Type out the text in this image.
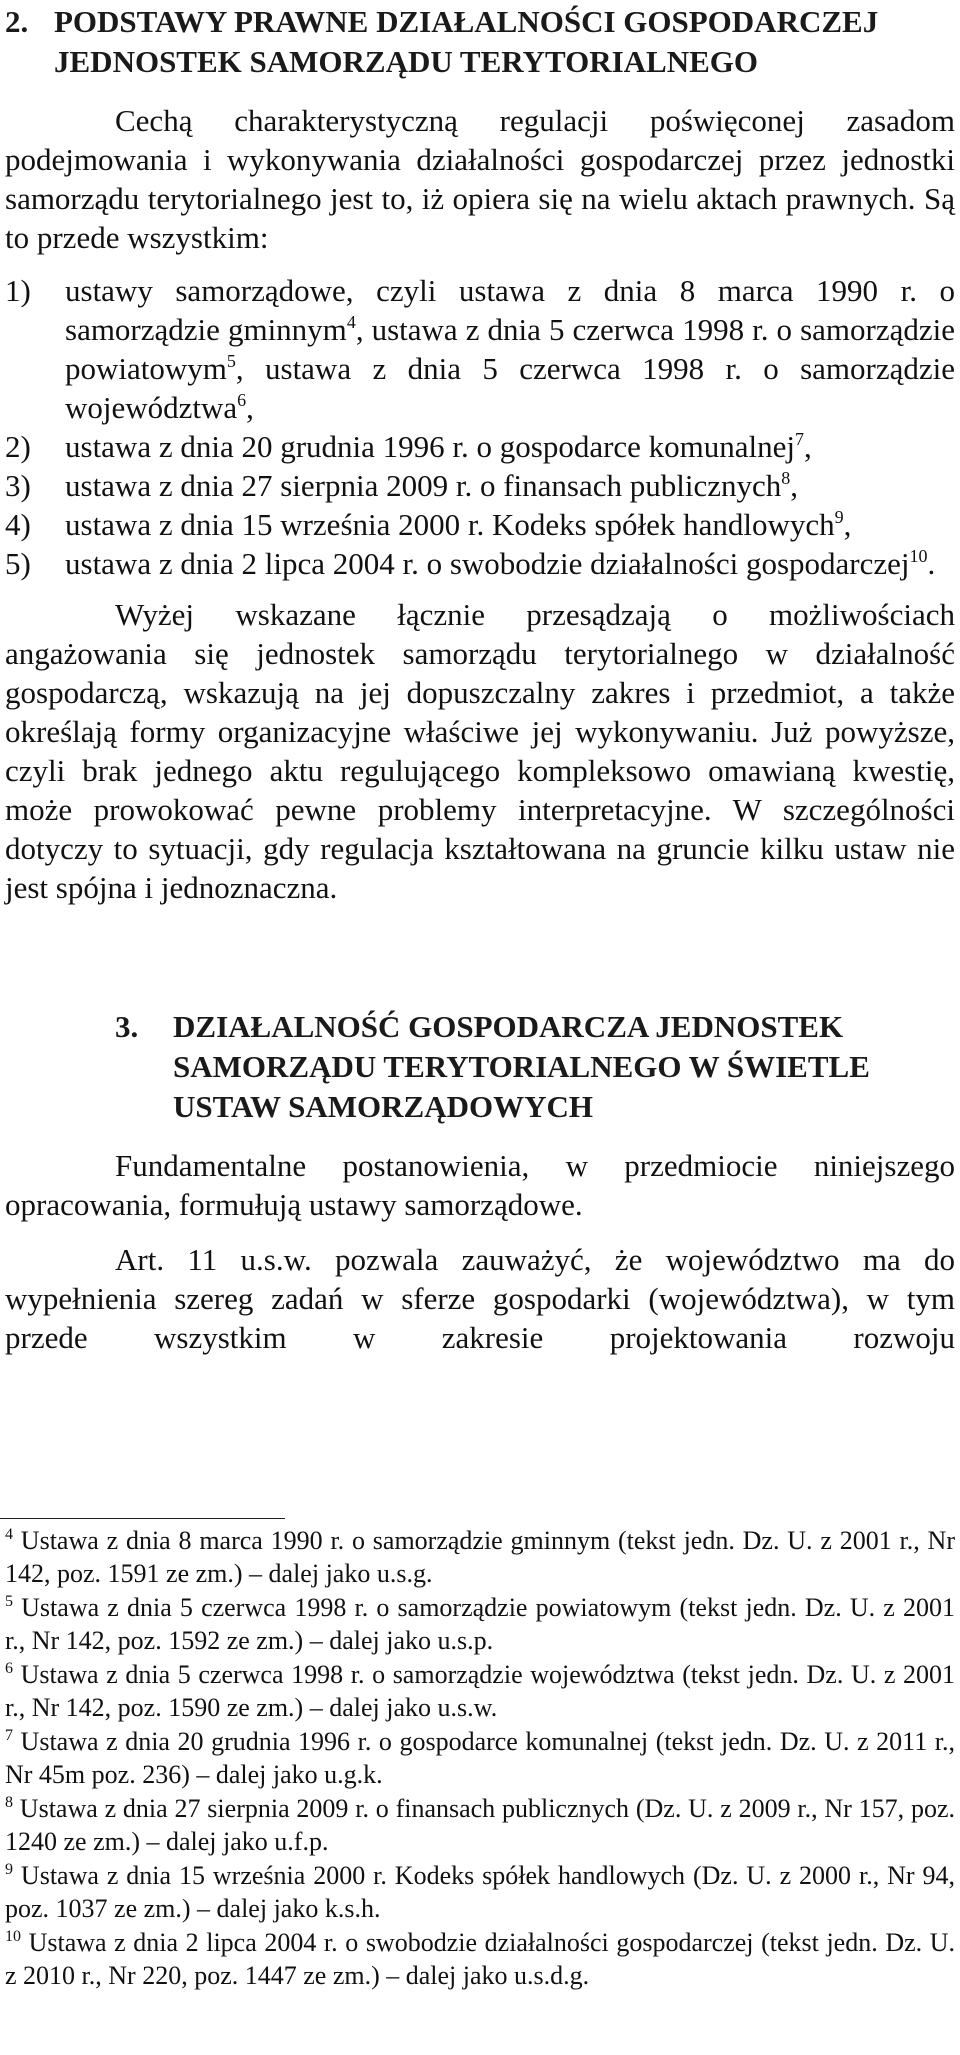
2. PODSTAWY PRAWNE DZIAŁALNOŚCI GOSPODARCZEJ JEDNOSTEK SAMORZĄDU TERYTORIALNEGO

Cechą charakterystyczną regulacji poświęconej zasadom podejmowania i wykonywania działalności gospodarczej przez jednostki samorządu terytorialnego jest to, iż opiera się na wielu aktach prawnych. Są to przede wszystkim:

1) ustawy samorządowe, czyli ustawa z dnia 8 marca 1990 r. o samorządzie gminnym$^4$, ustawa z dnia 5 czerwca 1998 r. o samorządzie powiatowym$^5$, ustawa z dnia 5 czerwca 1998 r. o samorządzie województwa$^6$,
2) ustawa z dnia 20 grudnia 1996 r. o gospodarce komunalnej$^7$,
3) ustawa z dnia 27 sierpnia 2009 r. o finansach publicznych$^8$,
4) ustawa z dnia 15 września 2000 r. Kodeks spółek handlowych$^9$,
5) ustawa z dnia 2 lipca 2004 r. o swobodzie działalności gospodarczej$^{10}$.

Wyżej wskazane łącznie przesądzają o możliwościach angażowania się jednostek samorządu terytorialnego w działalność gospodarczą, wskazują na jej dopuszczalny zakres i przedmiot, a także określają formy organizacyjne właściwe jej wykonywaniu. Już powyższe, czyli brak jednego aktu regulującego kompleksowo omawianą kwestię, może prowokować pewne problemy interpretacyjne. W szczególności dotyczy to sytuacji, gdy regulacja kształtowana na gruncie kilku ustaw nie jest spójna i jednoznaczna.

3.	DZIAŁALNOŚĆ GOSPODARCZA JEDNOSTEK SAMORZĄDU TERYTORIALNEGO W ŚWIETLE USTAW SAMORZĄDOWYCH

Fundamentalne postanowienia, w przedmiocie niniejszego opracowania, formułują ustawy samorządowe.

Art. 11 u.s.w. pozwala zauważyć, że województwo ma do wypełnienia szereg zadań w sferze gospodarki (województwa), w tym przede wszystkim w zakresie projektowania rozwoju

$^4$ Ustawa z dnia 8 marca 1990 r. o samorządzie gminnym (tekst jedn. Dz. U. z 2001 r., Nr 142, poz. 1591 ze zm.) – dalej jako u.s.g.

$^5$ Ustawa z dnia 5 czerwca 1998 r. o samorządzie powiatowym (tekst jedn. Dz. U. z 2001 r., Nr 142, poz. 1592 ze zm.) – dalej jako u.s.p.

$^6$ Ustawa z dnia 5 czerwca 1998 r. o samorządzie województwa (tekst jedn. Dz. U. z 2001 r., Nr 142, poz. 1590 ze zm.) – dalej jako u.s.w.

$^7$ Ustawa z dnia 20 grudnia 1996 r. o gospodarce komunalnej (tekst jedn. Dz. U. z 2011 r., Nr 45m poz. 236) – dalej jako u.g.k.

$^8$ Ustawa z dnia 27 sierpnia 2009 r. o finansach publicznych (Dz. U. z 2009 r., Nr 157, poz. 1240 ze zm.) – dalej jako u.f.p.

$^9$ Ustawa z dnia 15 września 2000 r. Kodeks spółek handlowych (Dz. U. z 2000 r., Nr 94, poz. 1037 ze zm.) – dalej jako k.s.h.

$^{10}$ Ustawa z dnia 2 lipca 2004 r. o swobodzie działalności gospodarczej (tekst jedn. Dz. U. z 2010 r., Nr 220, poz. 1447 ze zm.) – dalej jako u.s.d.g.
